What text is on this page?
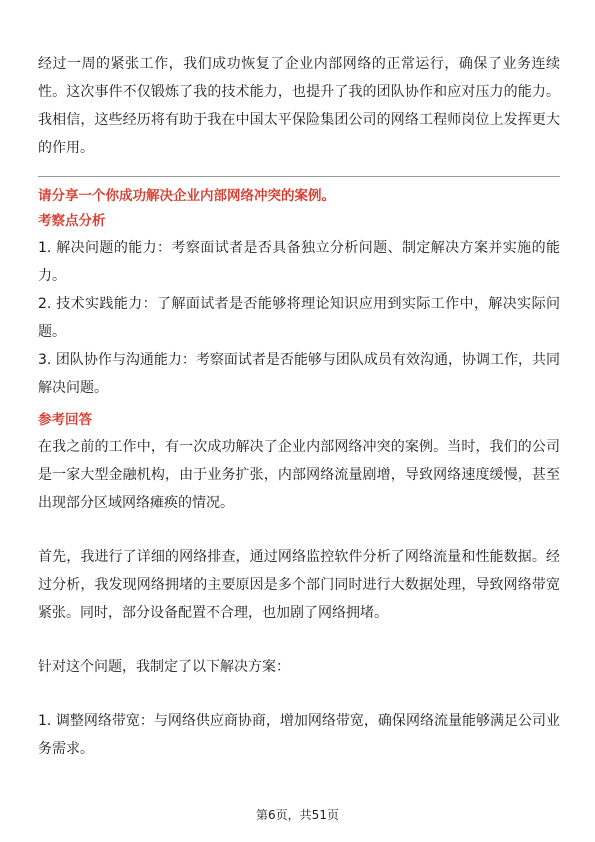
经过一周的紧张工作，我们成功恢复了企业内部网络的正常运行，确保了业务连续性。这次事件不仅锻炼了我的技术能力，也提升了我的团队协作和应对压力的能力。我相信，这些经历将有助于我在中国太平保险集团公司的网络工程师岗位上发挥更大的作用。

请分享一个你成功解决企业内部网络冲突的案例。

考察点分析

1. 解决问题的能力：考察面试者是否具备独立分析问题、制定解决方案并实施的能力。

2. 技术实践能力：了解面试者是否能够将理论知识应用到实际工作中，解决实际问题。

3. 团队协作与沟通能力：考察面试者是否能够与团队成员有效沟通，协调工作，共同解决问题。

参考回答

在我之前的工作中，有一次成功解决了企业内部网络冲突的案例。当时，我们的公司是一家大型金融机构，由于业务扩张，内部网络流量剧增，导致网络速度缓慢，甚至出现部分区域网络瘫痪的情况。

首先，我进行了详细的网络排查，通过网络监控软件分析了网络流量和性能数据。经过分析，我发现网络拥堵的主要原因是多个部门同时进行大数据处理，导致网络带宽紧张。同时，部分设备配置不合理，也加剧了网络拥堵。

针对这个问题，我制定了以下解决方案：

1. 调整网络带宽：与网络供应商协商，增加网络带宽，确保网络流量能够满足公司业务需求。

第6页，共51页
